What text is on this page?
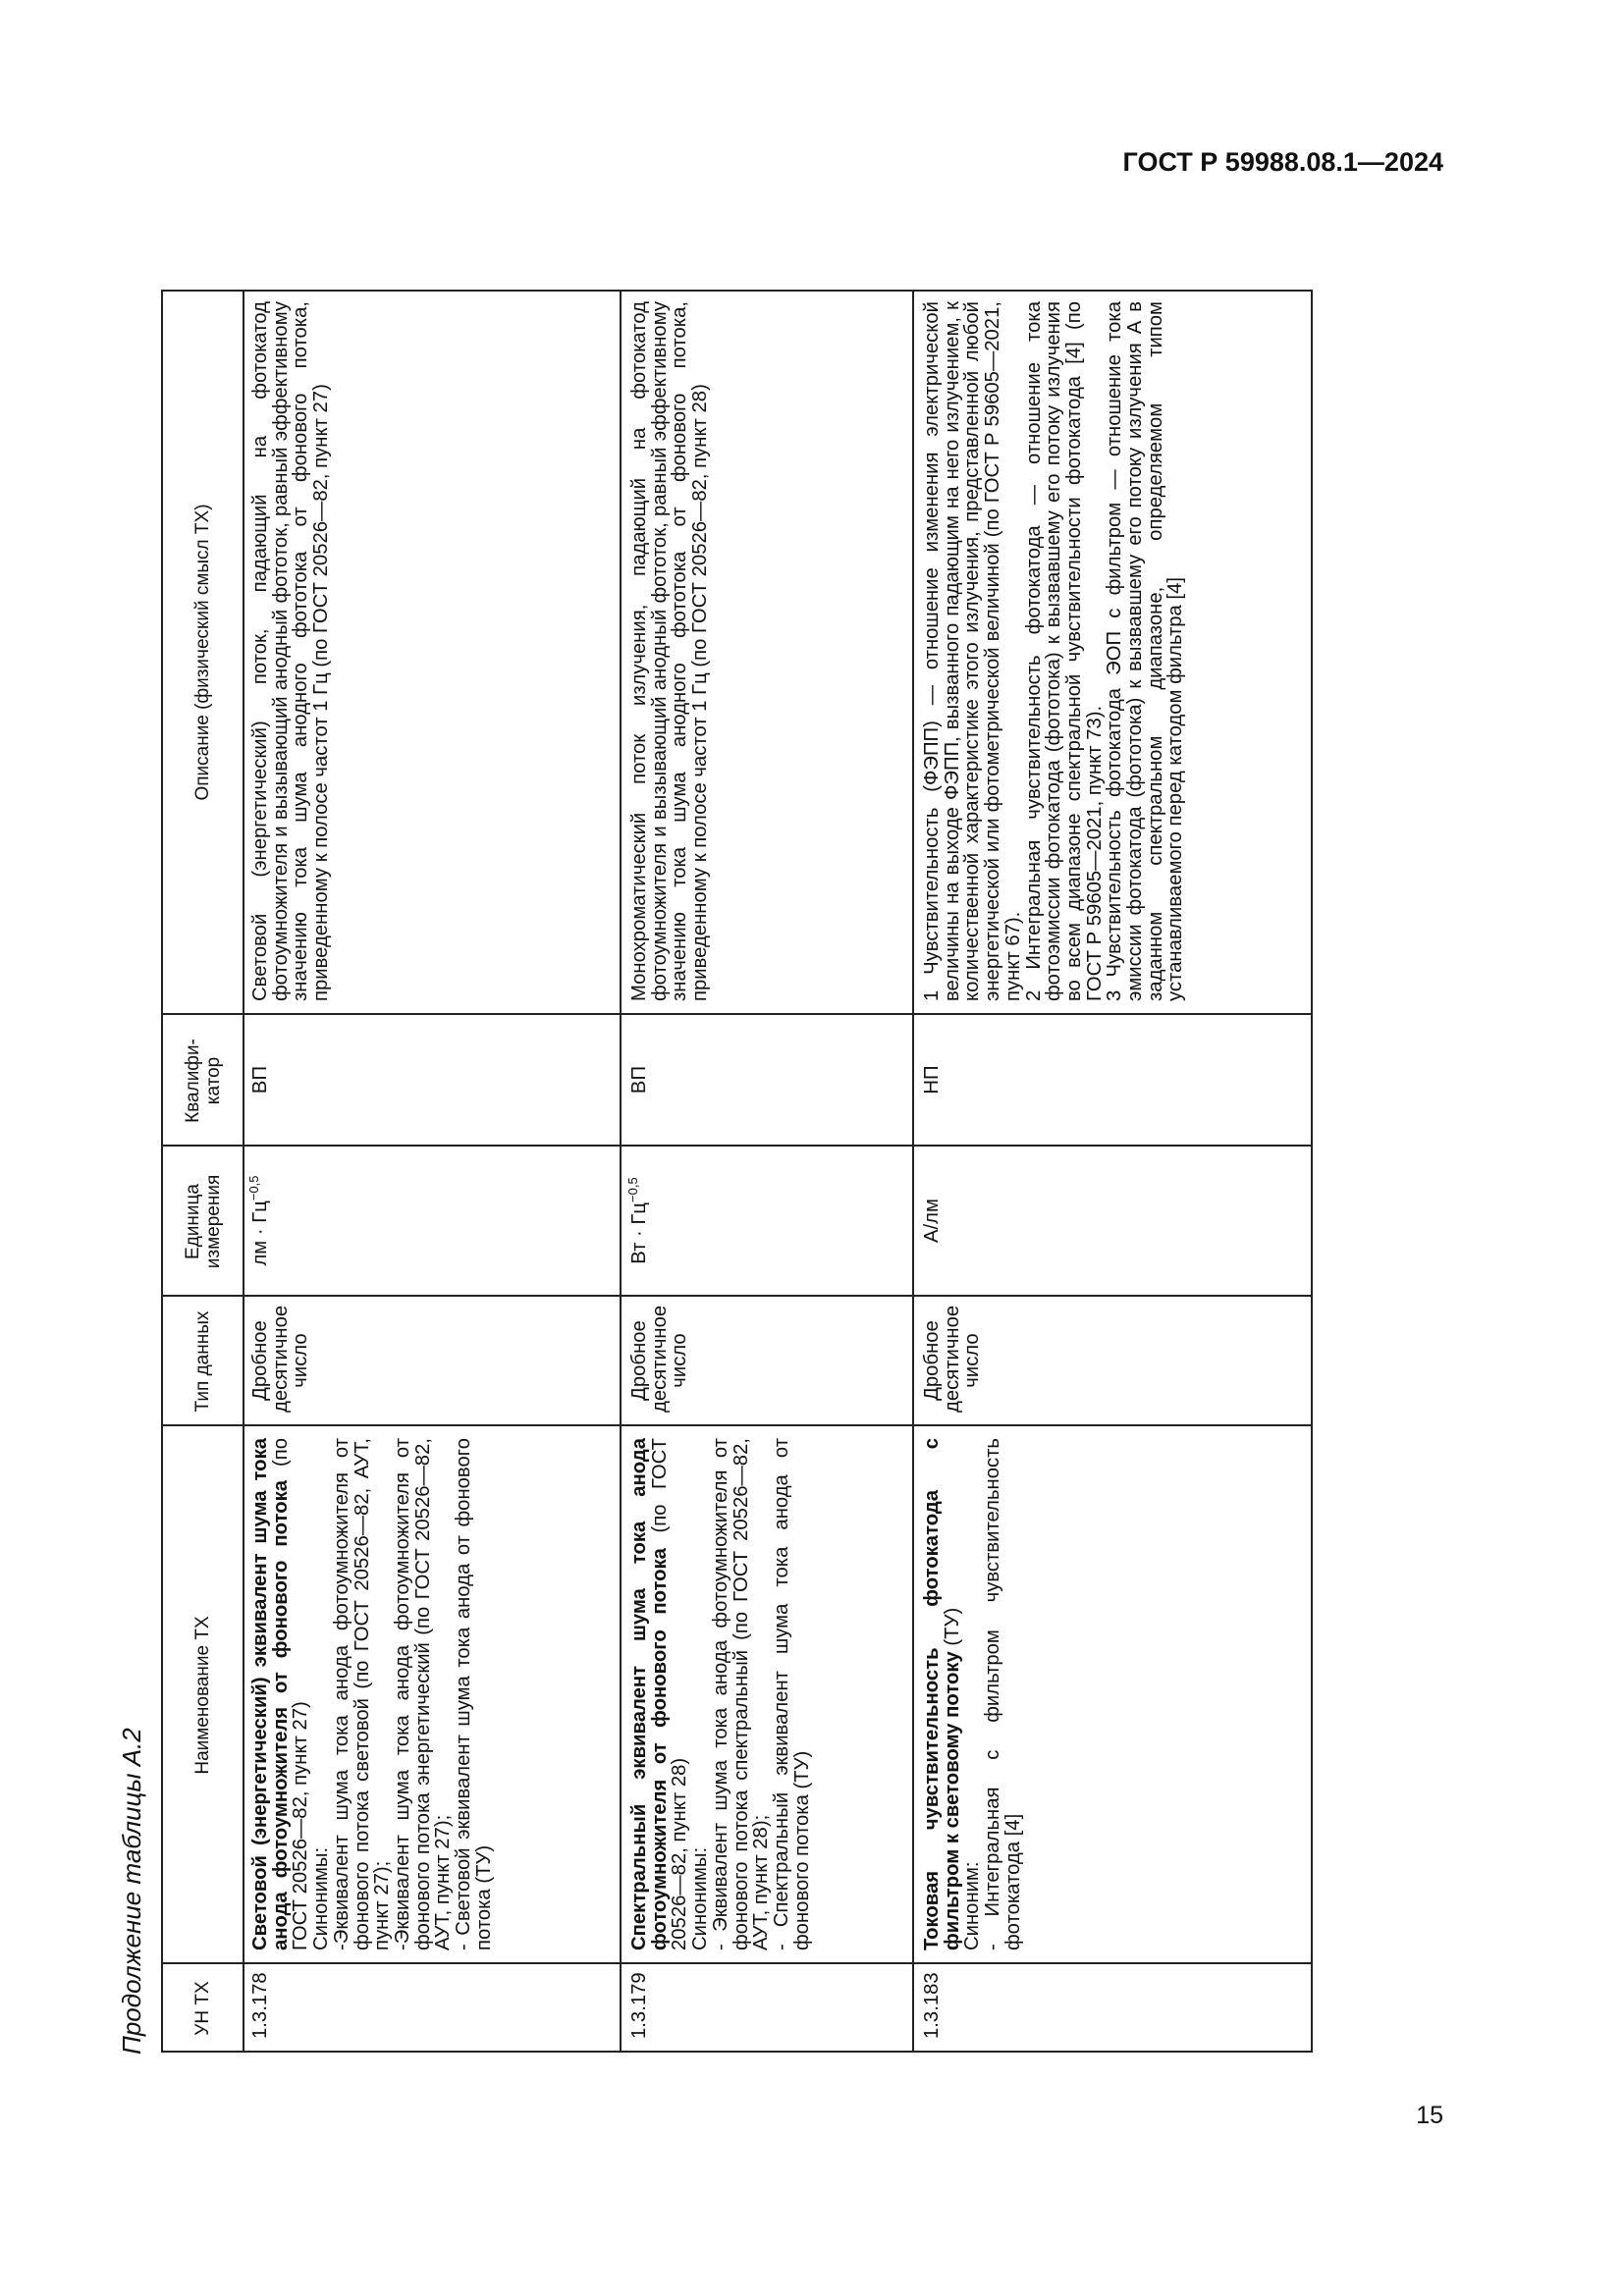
ГОСТ Р 59988.08.1—2024
Продолжение таблицы А.2	УН ТХ
Наименование ТХ
Тип данных
Единица измерения
Квалифи-катор
Описание (физический смысл ТХ)
1.3.178

Световой (энергетический) эквивалент шума тока анода фотоумножителя от фонового потока (по ГОСТ 20526—82, пункт 27)

Синонимы:

-Эквивалент шума тока анода фотоумножителя от фонового потока световой (по ГОСТ 20526—82, АУТ, пункт 27);

-Эквивалент шума тока анода фотоумножителя от фонового потока энергетический (по ГОСТ 20526—82, АУТ, пункт 27);

- Световой эквивалент шума тока анода от фонового потока (ТУ)

Дробное десятичное число
лм · $Гц^{-0,5}$
ВП
Световой (энергетический) поток, падающий на фотокатод фотоумножителя и вызывающий анодный фототок, равный эффективному значению тока шума анодного фототока от фонового потока, приведенному к полосе частот 1 Гц (по ГОСТ 20526—82, пункт 27)
1.3.179

Спектральный эквивалент шума тока анода фотоумножителя от фонового потока (по ГОСТ 20526—82, пункт 28)

Синонимы:

- Эквивалент шума тока анода фотоумножителя от фонового потока спектральный (по ГОСТ 20526—82, АУТ, пункт 28);

- Спектральный эквивалент шума тока анода от фонового потока (ТУ)

Дробное десятичное число
Вт · $Гц^{-0,5}$
ВП
Монохроматический поток излучения, падающий на фотокатод фотоумножителя и вызывающий анодный фототок, равный эффективному значению тока шума анодного фототока от фонового потока, приведенному к полосе частот 1 Гц (по ГОСТ 20526—82, пункт 28)
1.3.183

Токовая чувствительность фотокатода с фильтром к световому потоку (ТУ)

Синоним:

- Интегральная с фильтром чувствительность фотокатода [4]

Дробное десятичное число
А/лм
НП

1 Чувствительность (ФЭПП) — отношение изменения электрической величины на выходе ФЭПП, вызванного падающим на него излучением, к количественной характеристике этого излучения, представленной любой энергетической или фотометрической величиной (по ГОСТ Р 59605—2021, пункт 67).

2 Интегральная чувствительность фотокатода — отношение тока фотоэмиссии фотокатода (фототока) к вызвавшему его потоку излучения во всем диапазоне спектральной чувствительности фотокатода [4] (по ГОСТ Р 59605—2021, пункт 73).

3 Чувствительность фотокатода ЭОП с фильтром — отношение тока эмиссии фотокатода (фототока) к вызвавшему его потоку излучения А в заданном спектральном диапазоне, определяемом типом устанавливаемого перед катодом фильтра [4]

15
